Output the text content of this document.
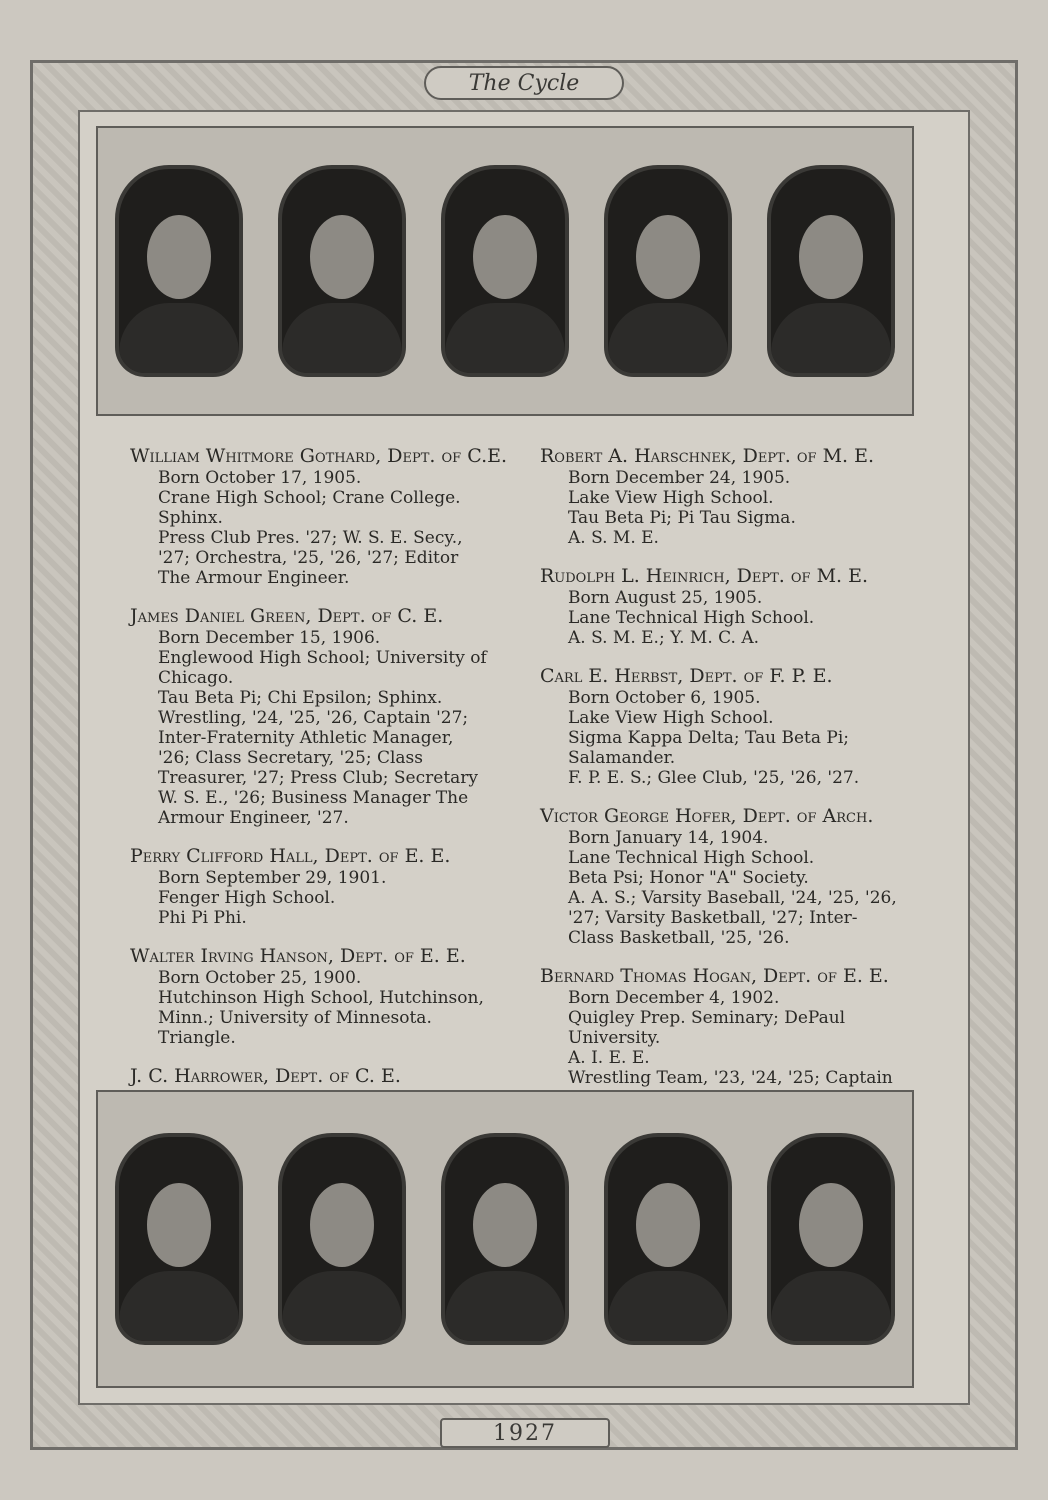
The Cycle
William Whitmore Gothard, Dept. of C.E.
Born October 17, 1905.
Crane High School; Crane College.
Sphinx.
Press Club Pres. '27; W. S. E. Secy., '27; Orchestra, '25, '26, '27; Editor The Armour Engineer.
James Daniel Green, Dept. of C. E.
Born December 15, 1906.
Englewood High School; University of Chicago.
Tau Beta Pi; Chi Epsilon; Sphinx.
Wrestling, '24, '25, '26, Captain '27; Inter-Fraternity Athletic Manager, '26; Class Secretary, '25; Class Treasurer, '27; Press Club; Secretary W. S. E., '26; Business Manager The Armour Engineer, '27.
Perry Clifford Hall, Dept. of E. E.
Born September 29, 1901.
Fenger High School.
Phi Pi Phi.
Walter Irving Hanson, Dept. of E. E.
Born October 25, 1900.
Hutchinson High School, Hutchinson, Minn.; University of Minnesota.
Triangle.
J. C. Harrower, Dept. of C. E.
Robert A. Harschnek, Dept. of M. E.
Born December 24, 1905.
Lake View High School.
Tau Beta Pi; Pi Tau Sigma.
A. S. M. E.
Rudolph L. Heinrich, Dept. of M. E.
Born August 25, 1905.
Lane Technical High School.
A. S. M. E.; Y. M. C. A.
Carl E. Herbst, Dept. of F. P. E.
Born October 6, 1905.
Lake View High School.
Sigma Kappa Delta; Tau Beta Pi; Salamander.
F. P. E. S.; Glee Club, '25, '26, '27.
Victor George Hofer, Dept. of Arch.
Born January 14, 1904.
Lane Technical High School.
Beta Psi; Honor "A" Society.
A. A. S.; Varsity Baseball, '24, '25, '26, '27; Varsity Basketball, '27; Inter-Class Basketball, '25, '26.
Bernard Thomas Hogan, Dept. of E. E.
Born December 4, 1902.
Quigley Prep. Seminary; DePaul University.
A. I. E. E.
Wrestling Team, '23, '24, '25; Captain
1927
